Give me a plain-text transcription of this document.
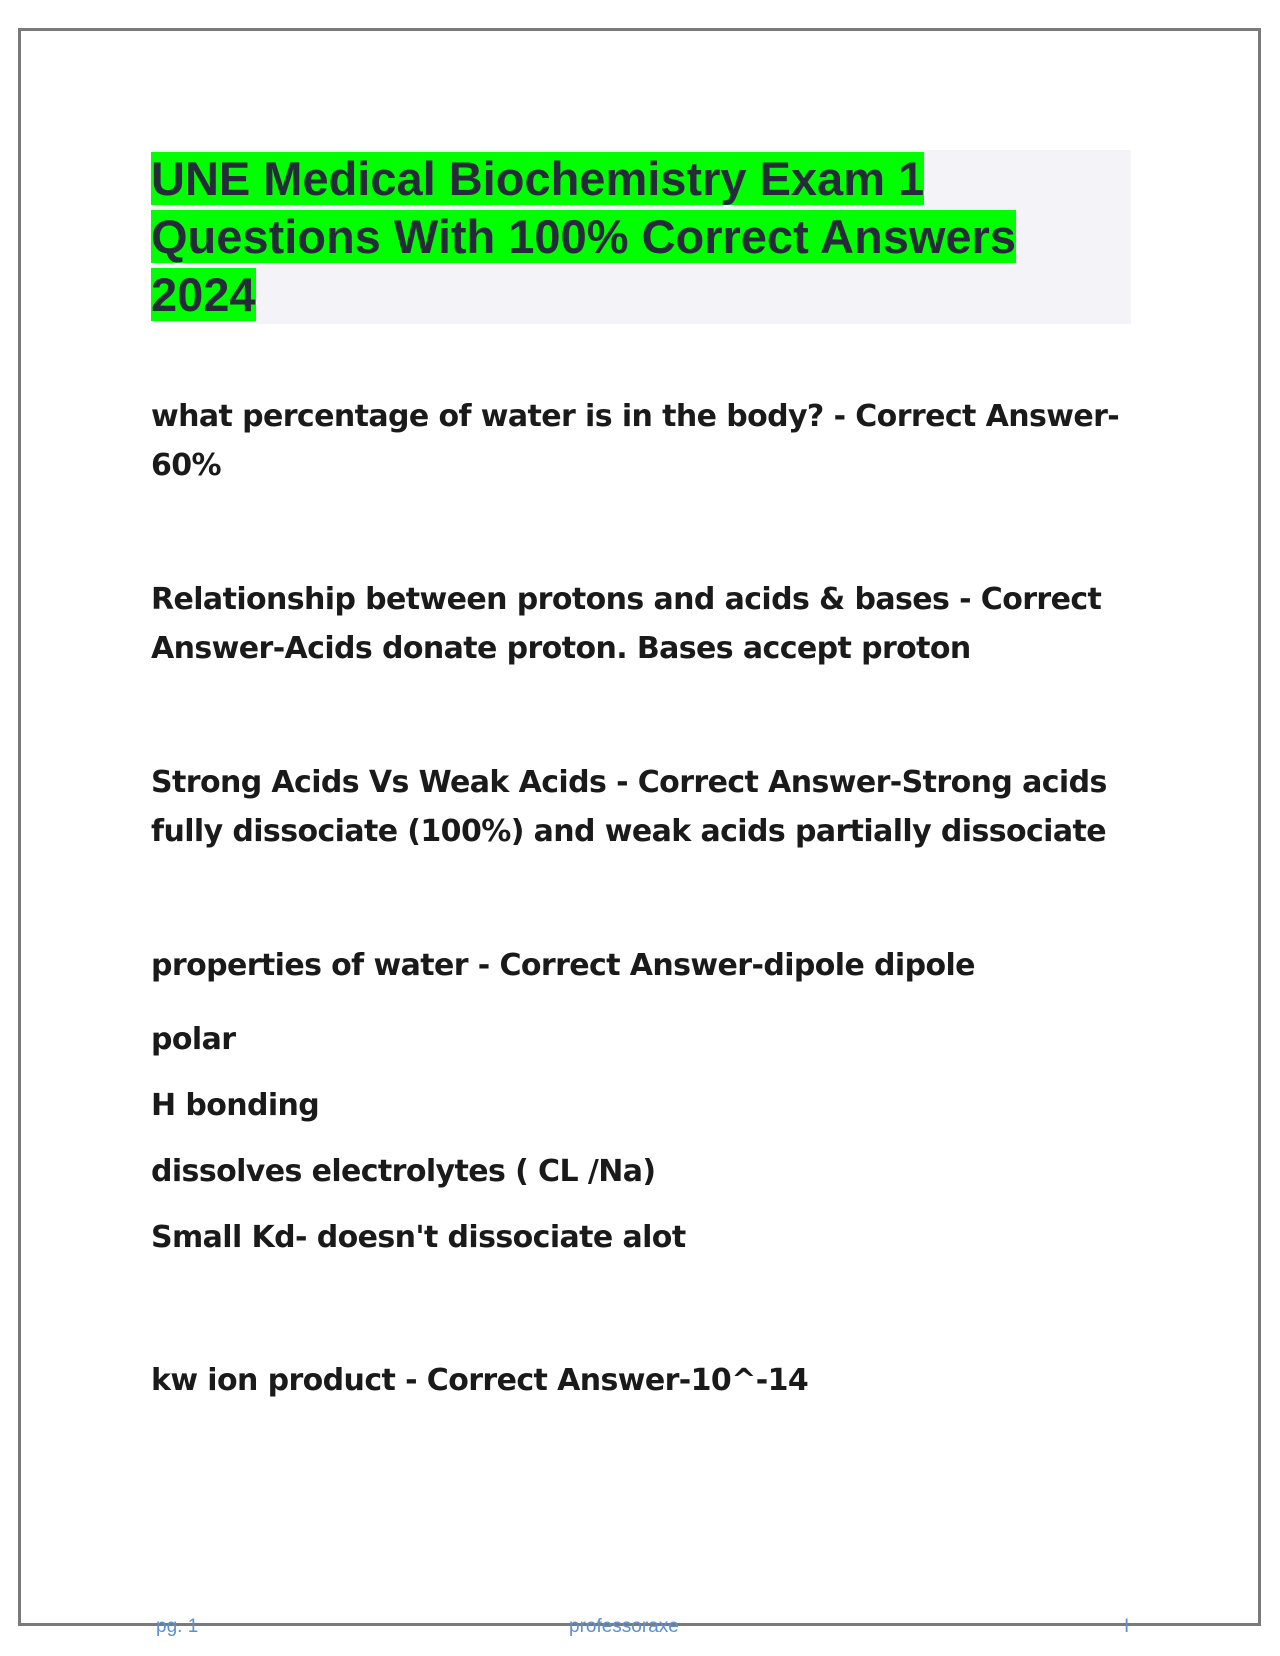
UNE Medical Biochemistry Exam 1 Questions With 100% Correct Answers 2024

what percentage of water is in the body? - Correct Answer-60%

Relationship between protons and acids & bases - Correct Answer-Acids donate proton. Bases accept proton

Strong Acids Vs Weak Acids - Correct Answer-Strong acids fully dissociate (100%) and weak acids partially dissociate

properties of water - Correct Answer-dipole dipole
polar
H bonding
dissolves electrolytes ( CL /Na)
Small Kd- doesn't dissociate alot

kw ion product - Correct Answer-10^-14

pg. 1	professoraxe	I
